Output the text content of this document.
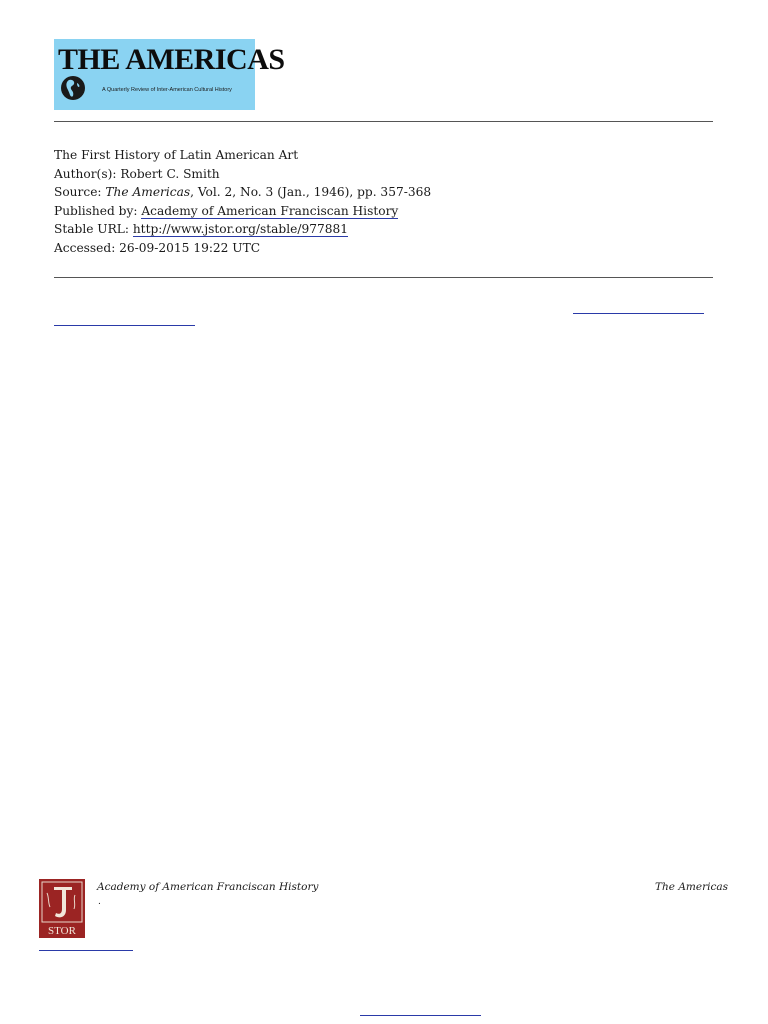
THE AMERICAS
A Quarterly Review of Inter-American Cultural History
The First History of Latin American Art
Author(s): Robert C. Smith
Source: The Americas, Vol. 2, No. 3 (Jan., 1946), pp. 357-368
Published by: Academy of American Franciscan History
Stable URL: http://www.jstor.org/stable/977881
Accessed: 26-09-2015 19:22 UTC
STOR
Academy of American Franciscan History
.
The Americas
